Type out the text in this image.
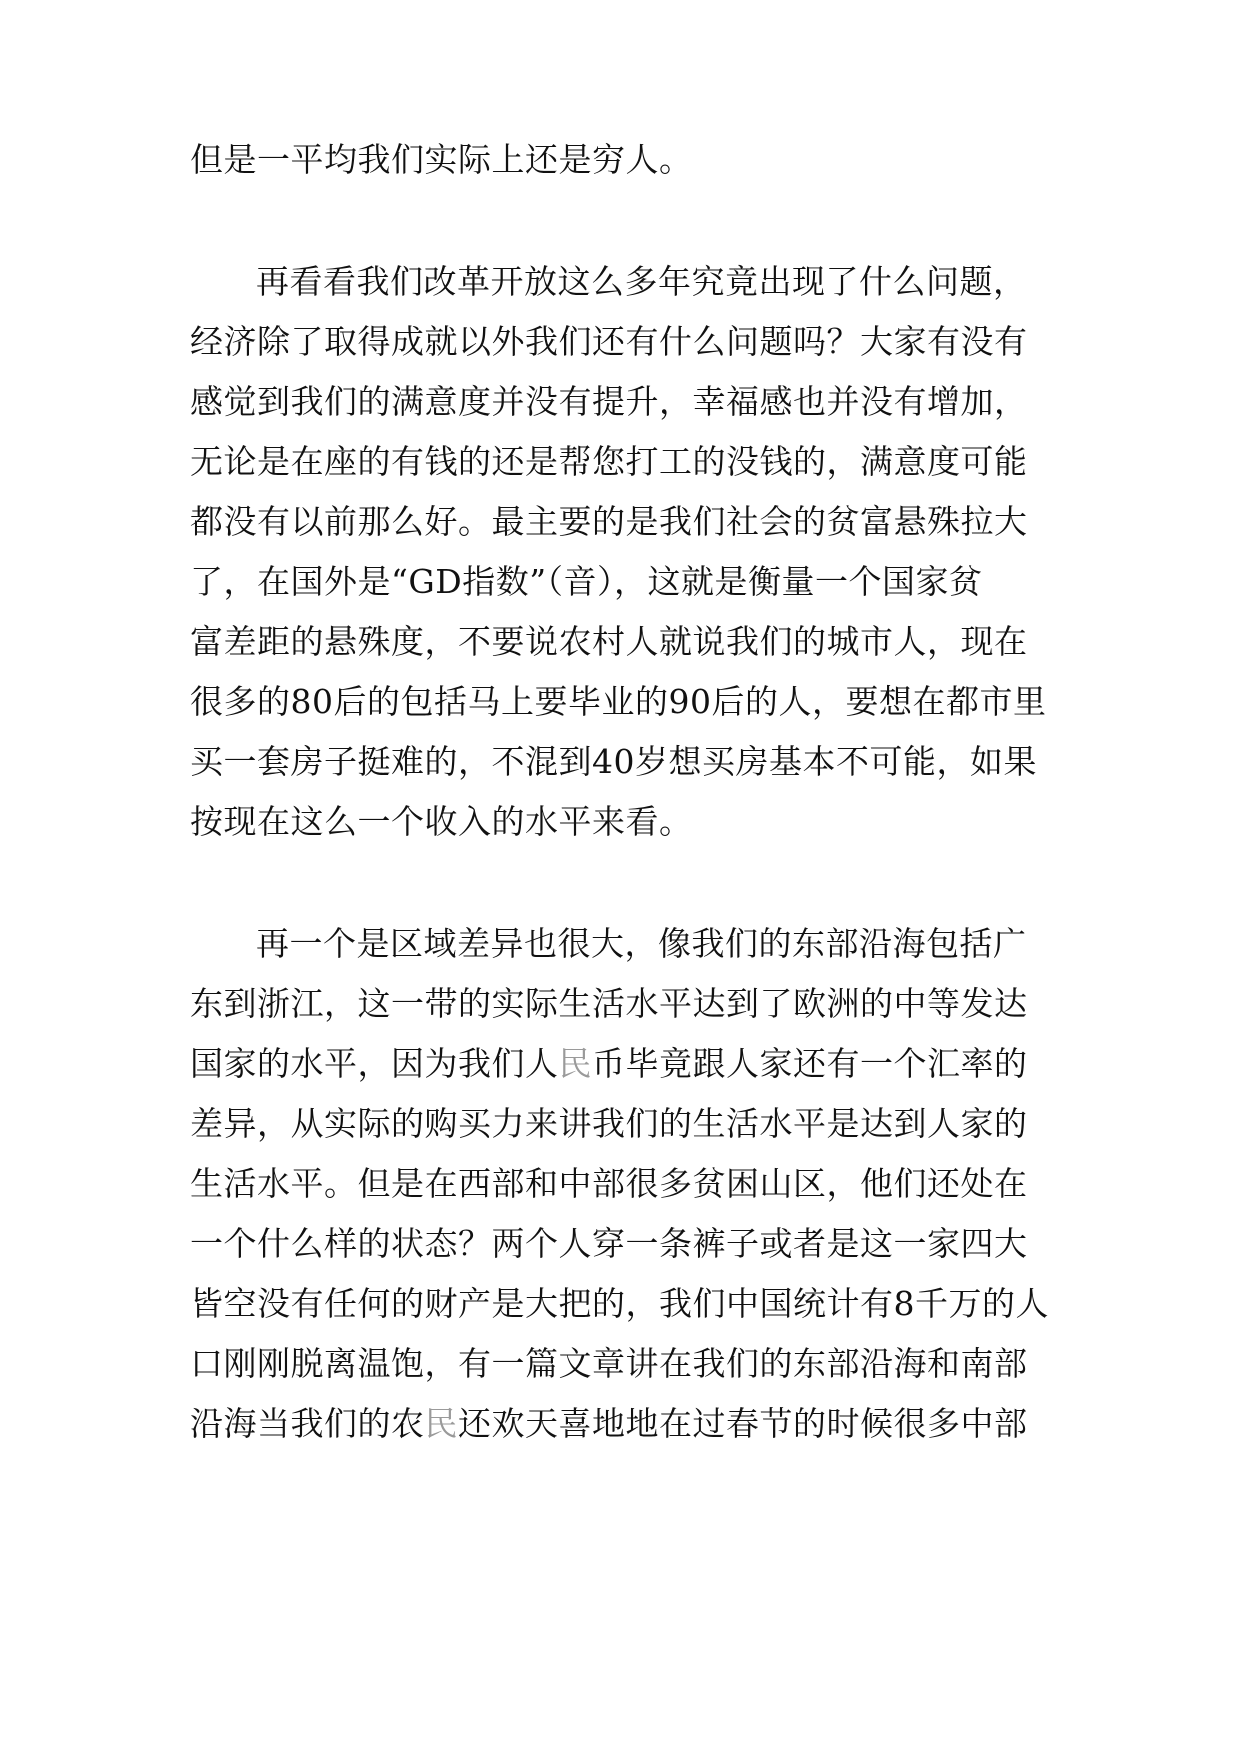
但是一平均我们实际上还是穷人。
再看看我们改革开放这么多年究竟出现了什么问题，
经济除了取得成就以外我们还有什么问题吗？大家有没有
感觉到我们的满意度并没有提升，幸福感也并没有增加，
无论是在座的有钱的还是帮您打工的没钱的，满意度可能
都没有以前那么好。最主要的是我们社会的贫富悬殊拉大
了，在国外是“GD指数”（音），这就是衡量一个国家贫
富差距的悬殊度，不要说农村人就说我们的城市人，现在
很多的80后的包括马上要毕业的90后的人，要想在都市里
买一套房子挺难的，不混到40岁想买房基本不可能，如果
按现在这么一个收入的水平来看。
再一个是区域差异也很大，像我们的东部沿海包括广
东到浙江，这一带的实际生活水平达到了欧洲的中等发达
国家的水平，因为我们人民币毕竟跟人家还有一个汇率的
差异，从实际的购买力来讲我们的生活水平是达到人家的
生活水平。但是在西部和中部很多贫困山区，他们还处在
一个什么样的状态？两个人穿一条裤子或者是这一家四大
皆空没有任何的财产是大把的，我们中国统计有8千万的人
口刚刚脱离温饱，有一篇文章讲在我们的东部沿海和南部
沿海当我们的农民还欢天喜地地在过春节的时候很多中部
